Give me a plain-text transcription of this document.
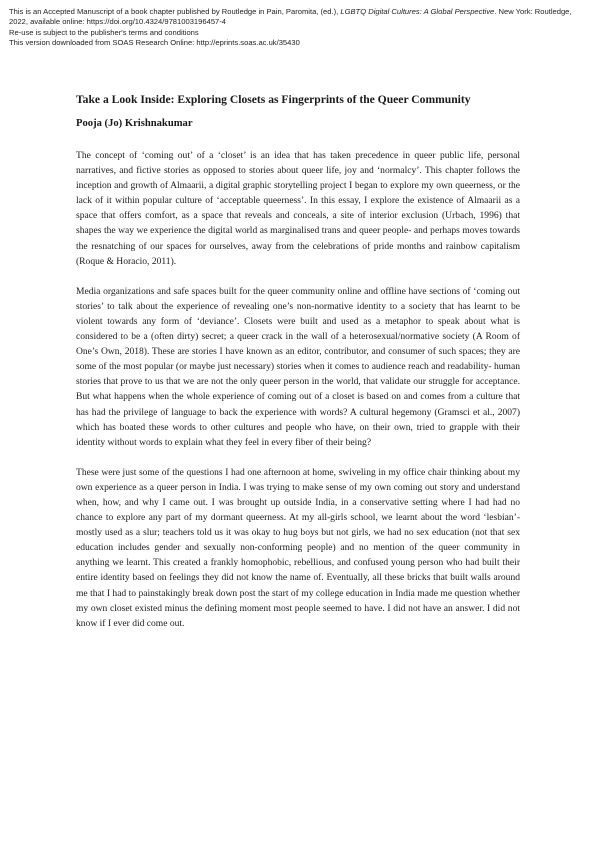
This is an Accepted Manuscript of a book chapter published by Routledge in Pain, Paromita, (ed.), LGBTQ Digital Cultures: A Global Perspective. New York: Routledge, 2022, available online: https://doi.org/10.4324/9781003196457-4
Re-use is subject to the publisher's terms and conditions
This version downloaded from SOAS Research Online: http://eprints.soas.ac.uk/35430
Take a Look Inside: Exploring Closets as Fingerprints of the Queer Community
Pooja (Jo) Krishnakumar

The concept of ‘coming out’ of a ‘closet’ is an idea that has taken precedence in queer public life, personal narratives, and fictive stories as opposed to stories about queer life, joy and ‘normalcy’. This chapter follows the inception and growth of Almaarii, a digital graphic storytelling project I began to explore my own queerness, or the lack of it within popular culture of ‘acceptable queerness’. In this essay, I explore the existence of Almaarii as a space that offers comfort, as a space that reveals and conceals, a site of interior exclusion (Urbach, 1996) that shapes the way we experience the digital world as marginalised trans and queer people- and perhaps moves towards the resnatching of our spaces for ourselves, away from the celebrations of pride months and rainbow capitalism (Roque & Horacio, 2011).

Media organizations and safe spaces built for the queer community online and offline have sections of ‘coming out stories’ to talk about the experience of revealing one’s non-normative identity to a society that has learnt to be violent towards any form of ‘deviance’. Closets were built and used as a metaphor to speak about what is considered to be a (often dirty) secret; a queer crack in the wall of a heterosexual/normative society (A Room of One’s Own, 2018). These are stories I have known as an editor, contributor, and consumer of such spaces; they are some of the most popular (or maybe just necessary) stories when it comes to audience reach and readability- human stories that prove to us that we are not the only queer person in the world, that validate our struggle for acceptance. But what happens when the whole experience of coming out of a closet is based on and comes from a culture that has had the privilege of language to back the experience with words? A cultural hegemony (Gramsci et al., 2007) which has boated these words to other cultures and people who have, on their own, tried to grapple with their identity without words to explain what they feel in every fiber of their being?

These were just some of the questions I had one afternoon at home, swiveling in my office chair thinking about my own experience as a queer person in India. I was trying to make sense of my own coming out story and understand when, how, and why I came out. I was brought up outside India, in a conservative setting where I had had no chance to explore any part of my dormant queerness. At my all-girls school, we learnt about the word ‘lesbian’- mostly used as a slur; teachers told us it was okay to hug boys but not girls, we had no sex education (not that sex education includes gender and sexually non-conforming people) and no mention of the queer community in anything we learnt. This created a frankly homophobic, rebellious, and confused young person who had built their entire identity based on feelings they did not know the name of. Eventually, all these bricks that built walls around me that I had to painstakingly break down post the start of my college education in India made me question whether my own closet existed minus the defining moment most people seemed to have. I did not have an answer. I did not know if I ever did come out.
